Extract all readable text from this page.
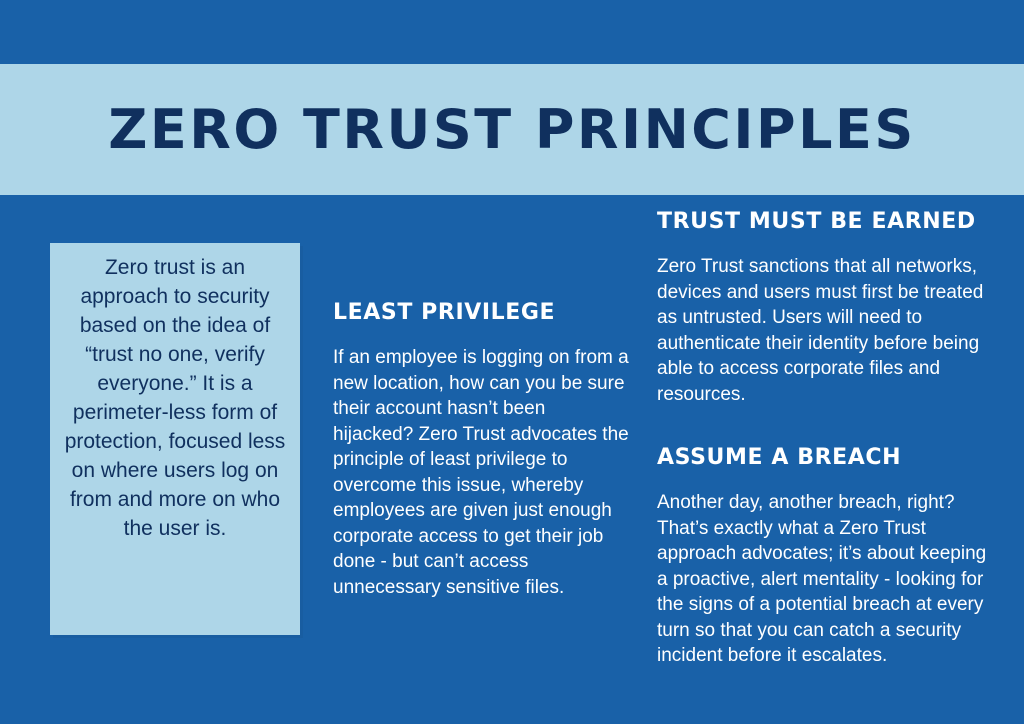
ZERO TRUST PRINCIPLES
Zero trust is an approach to security based on the idea of “trust no one, verify everyone.” It is a perimeter-less form of protection, focused less on where users log on from and more on who the user is.
LEAST PRIVILEGE

If an employee is logging on from a new location, how can you be sure their account hasn’t been hijacked? Zero Trust advocates the principle of least privilege to overcome this issue, whereby employees are given just enough corporate access to get their job done - but can’t access unnecessary sensitive files.

TRUST MUST BE EARNED

Zero Trust sanctions that all networks, devices and users must first be treated as untrusted. Users will need to authenticate their identity before being able to access corporate files and resources.

ASSUME A BREACH

Another day, another breach, right? That’s exactly what a Zero Trust approach advocates; it’s about keeping a proactive, alert mentality - looking for the signs of a potential breach at every turn so that you can catch a security incident before it escalates.
